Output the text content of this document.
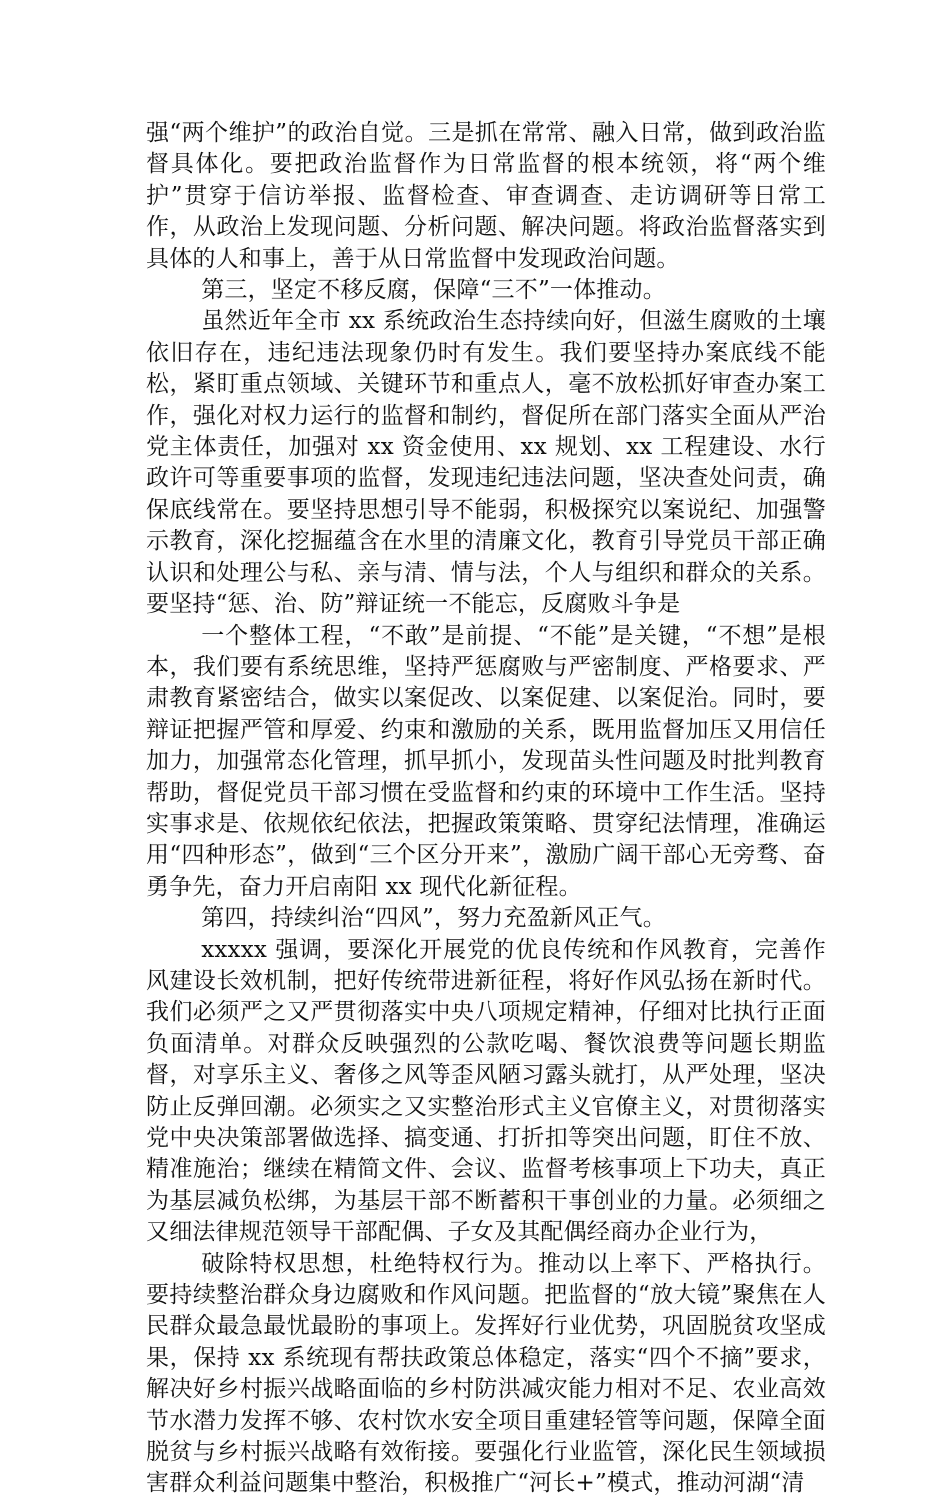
强“两个维护”的政治自觉。三是抓在常常、融入日常，做到政治监督具体化。要把政治监督作为日常监督的根本统领，将“两个维护”贯穿于信访举报、监督检查、审查调查、走访调研等日常工作，从政治上发现问题、分析问题、解决问题。将政治监督落实到具体的人和事上，善于从日常监督中发现政治问题。

第三，坚定不移反腐，保障“三不”一体推动。

虽然近年全市 xx 系统政治生态持续向好，但滋生腐败的土壤依旧存在，违纪违法现象仍时有发生。我们要坚持办案底线不能松，紧盯重点领域、关键环节和重点人，毫不放松抓好审查办案工作，强化对权力运行的监督和制约，督促所在部门落实全面从严治党主体责任，加强对 xx 资金使用、xx 规划、xx 工程建设、水行政许可等重要事项的监督，发现违纪违法问题，坚决查处问责，确保底线常在。要坚持思想引导不能弱，积极探究以案说纪、加强警示教育，深化挖掘蕴含在水里的清廉文化，教育引导党员干部正确认识和处理公与私、亲与清、情与法，个人与组织和群众的关系。要坚持“惩、治、防”辩证统一不能忘，反腐败斗争是

一个整体工程，“不敢”是前提、“不能”是关键，“不想”是根本，我们要有系统思维，坚持严惩腐败与严密制度、严格要求、严肃教育紧密结合，做实以案促改、以案促建、以案促治。同时，要辩证把握严管和厚爱、约束和激励的关系，既用监督加压又用信任加力，加强常态化管理，抓早抓小，发现苗头性问题及时批判教育帮助，督促党员干部习惯在受监督和约束的环境中工作生活。坚持实事求是、依规依纪依法，把握政策策略、贯穿纪法情理，准确运用“四种形态”，做到“三个区分开来”，激励广阔干部心无旁骛、奋勇争先，奋力开启南阳 xx 现代化新征程。

第四，持续纠治“四风”，努力充盈新风正气。

xxxxx 强调，要深化开展党的优良传统和作风教育，完善作风建设长效机制，把好传统带进新征程，将好作风弘扬在新时代。我们必须严之又严贯彻落实中央八项规定精神，仔细对比执行正面负面清单。对群众反映强烈的公款吃喝、餐饮浪费等问题长期监督，对享乐主义、奢侈之风等歪风陋习露头就打，从严处理，坚决防止反弹回潮。必须实之又实整治形式主义官僚主义，对贯彻落实党中央决策部署做选择、搞变通、打折扣等突出问题，盯住不放、精准施治；继续在精简文件、会议、监督考核事项上下功夫，真正为基层减负松绑，为基层干部不断蓄积干事创业的力量。必须细之又细法律规范领导干部配偶、子女及其配偶经商办企业行为，

破除特权思想，杜绝特权行为。推动以上率下、严格执行。要持续整治群众身边腐败和作风问题。把监督的“放大镜”聚焦在人民群众最急最忧最盼的事项上。发挥好行业优势，巩固脱贫攻坚成果，保持 xx 系统现有帮扶政策总体稳定，落实“四个不摘”要求，解决好乡村振兴战略面临的乡村防洪减灾能力相对不足、农业高效节水潜力发挥不够、农村饮水安全项目重建轻管等问题，保障全面脱贫与乡村振兴战略有效衔接。要强化行业监管，深化民生领域损害群众利益问题集中整治，积极推广“河长+”模式，推动河湖“清
